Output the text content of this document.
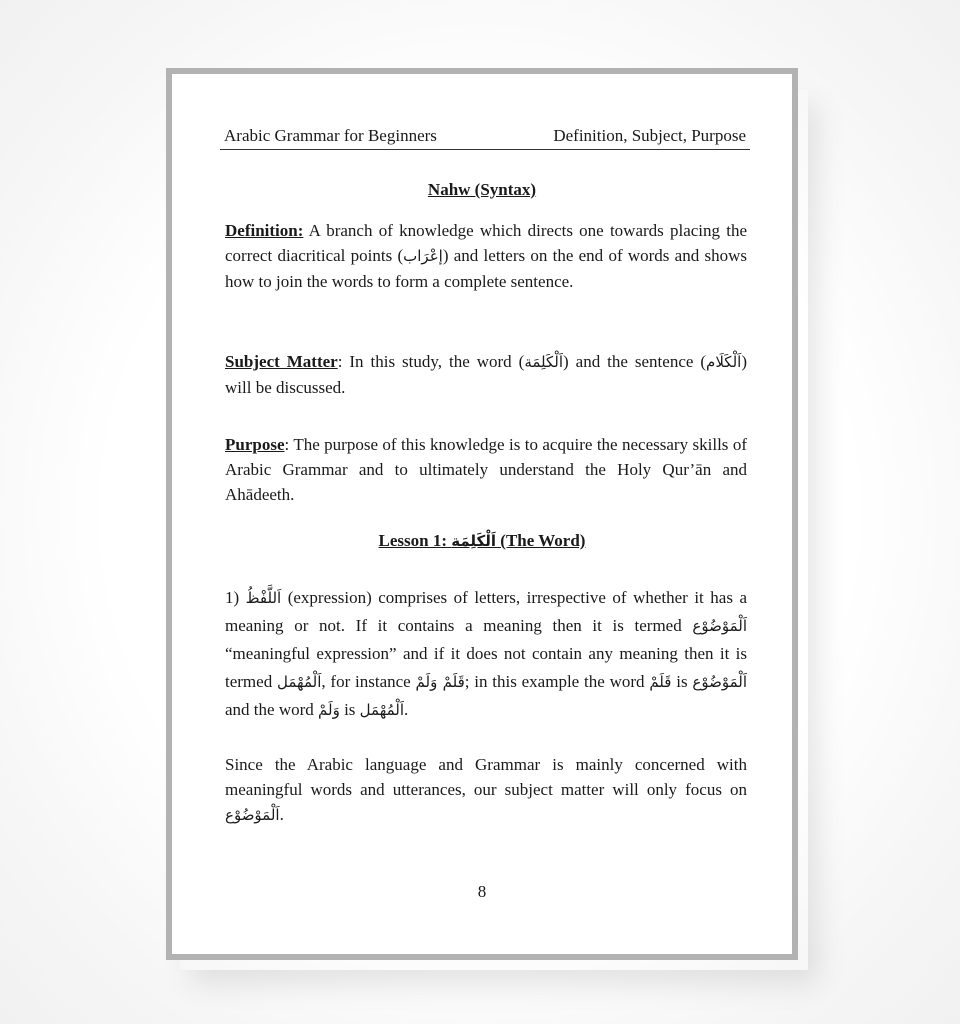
Arabic Grammar for Beginners	Definition, Subject, Purpose
Nahw (Syntax)
Definition: A branch of knowledge which directs one towards placing the correct diacritical points (إعْرَاب) and letters on the end of words and shows how to join the words to form a complete sentence.
Subject Matter: In this study, the word (اَلْكَلِمَة) and the sentence (اَلْكَلَام) will be discussed.
Purpose: The purpose of this knowledge is to acquire the necessary skills of Arabic Grammar and to ultimately understand the Holy Qur’ān and Ahādeeth.
Lesson 1: اَلْكَلِمَة (The Word)
1) اَللَّفْظُ (expression) comprises of letters, irrespective of whether it has a meaning or not. If it contains a meaning then it is termed اَلْمَوْضُوْع “meaningful expression” and if it does not contain any meaning then it is termed اَلْمُهْمَل, for instance قَلَمْ وَلَمْ; in this example the word قَلَمْ is اَلْمَوْضُوْع and the word وَلَمْ is اَلْمُهْمَل.
Since the Arabic language and Grammar is mainly concerned with meaningful words and utterances, our subject matter will only focus on اَلْمَوْضُوْع.
8
